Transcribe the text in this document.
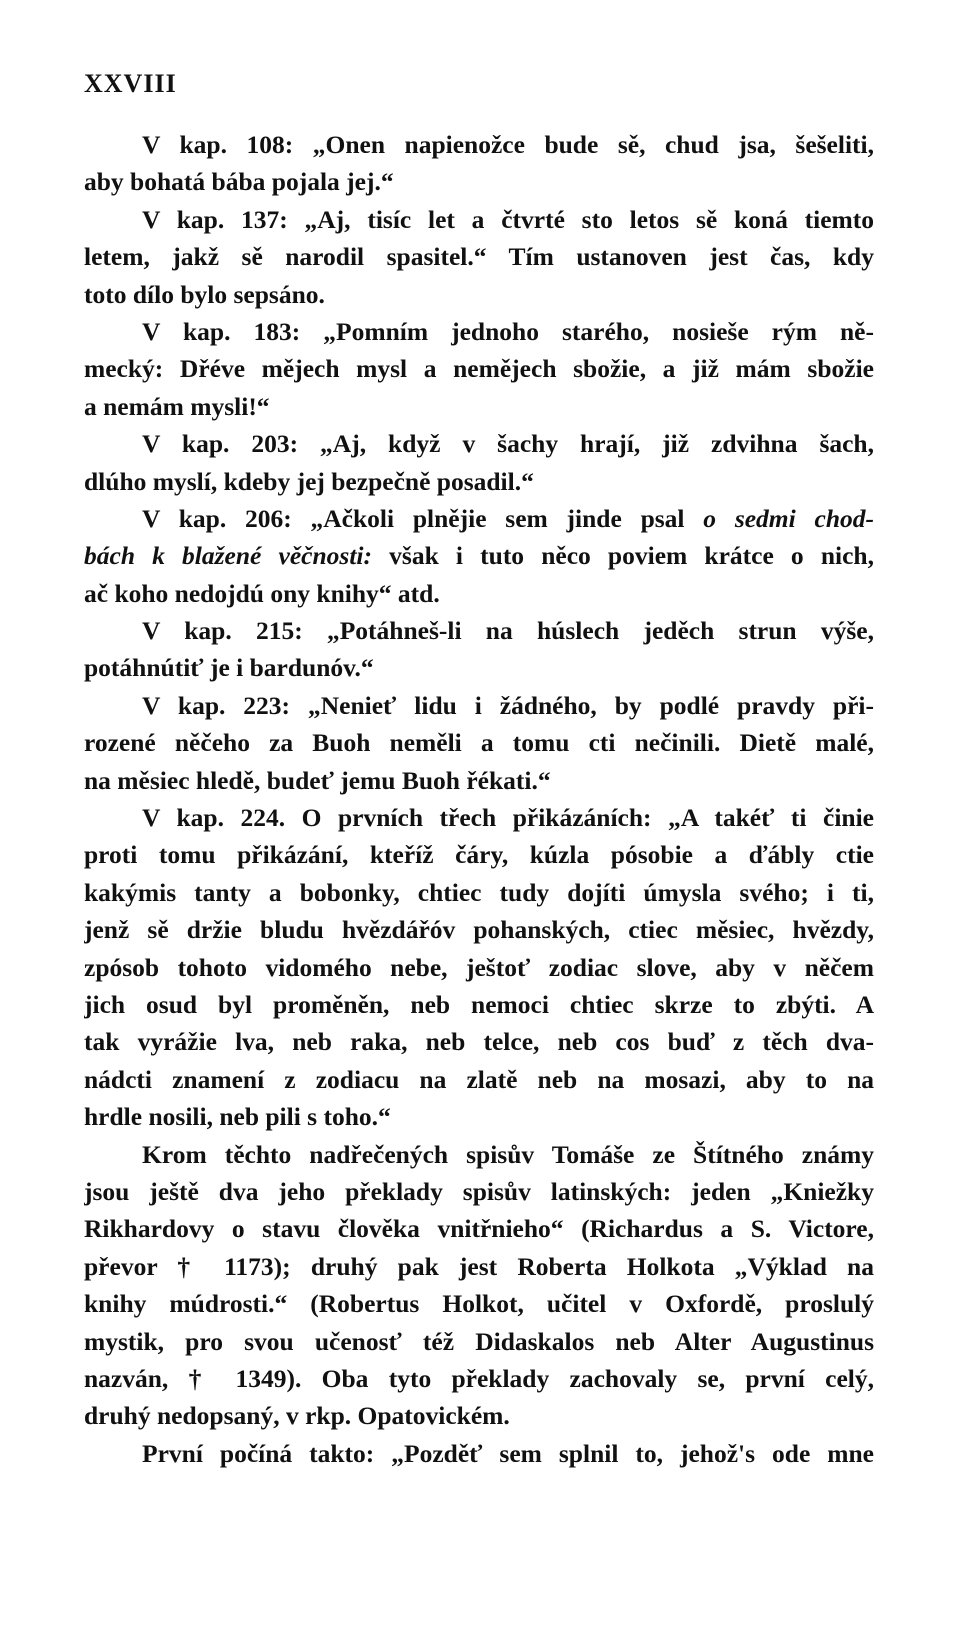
XXVIII
V kap. 108: „Onen napienožce bude sě, chud jsa, šešeliti,
aby bohatá bába pojala jej.“
V kap. 137: „Aj, tisíc let a čtvrté sto letos sě koná tiemto
letem, jakž sě narodil spasitel.“ Tím ustanoven jest čas, kdy
toto dílo bylo sepsáno.
V kap. 183: „Pomním jednoho starého, nosieše rým ně-
mecký: Dřéve mějech mysl a nemějech sbožie, a již mám sbožie
a nemám mysli!“
V kap. 203: „Aj, když v šachy hrají, již zdvihna šach,
dlúho myslí, kdeby jej bezpečně posadil.“
V kap. 206: „Ačkoli plnějie sem jinde psal o sedmi chod-
bách k blažené věčnosti: však i tuto něco poviem krátce o nich,
ač koho nedojdú ony knihy“ atd.
V kap. 215: „Potáhneš-li na húslech jeděch strun výše,
potáhnútiť je i bardunóv.“
V kap. 223: „Nenieť lidu i žádného, by podlé pravdy při-
rozené něčeho za Buoh neměli a tomu cti nečinili. Dietě malé,
na měsiec hledě, budeť jemu Buoh řékati.“
V kap. 224. O prvních třech přikázáních: „A takéť ti činie
proti tomu přikázání, kteříž čáry, kúzla pósobie a ďábly ctie
kakýmis tanty a bobonky, chtiec tudy dojíti úmysla svého; i ti,
jenž sě držie bludu hvězdářóv pohanských, ctiec měsiec, hvězdy,
zpósob tohoto vidomého nebe, ještoť zodiac slove, aby v něčem
jich osud byl proměněn, neb nemoci chtiec skrze to zbýti. A
tak vyrážie lva, neb raka, neb telce, neb cos buď z těch dva-
nádcti znamení z zodiacu na zlatě neb na mosazi, aby to na
hrdle nosili, neb pili s toho.“
Krom těchto nadřečených spisův Tomáše ze Štítného známy
jsou ještě dva jeho překlady spisův latinských: jeden „Kniežky
Rikhardovy o stavu člověka vnitřnieho“ (Richardus a S. Victore,
převor † 1173); druhý pak jest Roberta Holkota „Výklad na
knihy múdrosti.“ (Robertus Holkot, učitel v Oxfordě, proslulý
mystik, pro svou učenosť též Didaskalos neb Alter Augustinus
nazván, † 1349). Oba tyto překlady zachovaly se, první celý,
druhý nedopsaný, v rkp. Opatovickém.
První počíná takto: „Pozděť sem splnil to, jehož's ode mne
